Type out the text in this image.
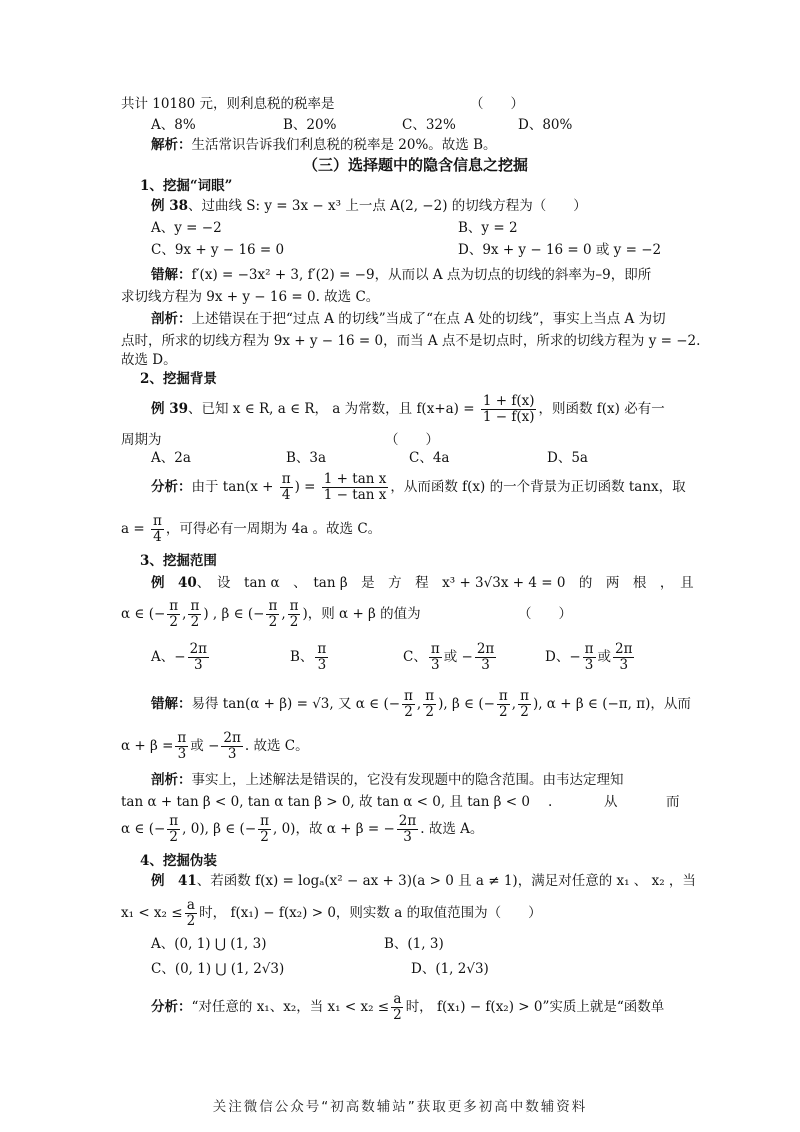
共计 10180 元，则利息税的税率是	（　　）
A、8%	B、20%	C、32%	D、80%
解析：生活常识告诉我们利息税的税率是 20%。故选 B。
（三）选择题中的隐含信息之挖掘
1、挖掘“词眼”
例 38、过曲线 S: y = 3x − x³ 上一点 A(2, −2) 的切线方程为（　　）
A、y = −2	B、y = 2
C、9x + y − 16 = 0	D、9x + y − 16 = 0 或 y = −2
错解：f′(x) = −3x² + 3, f′(2) = −9，从而以 A 点为切点的切线的斜率为–9，即所
求切线方程为 9x + y − 16 = 0. 故选 C。
剖析：上述错误在于把“过点 A 的切线”当成了“在点 A 处的切线”，事实上当点 A 为切
点时，所求的切线方程为 9x + y − 16 = 0，而当 A 点不是切点时，所求的切线方程为 y = −2.
故选 D。
2、挖掘背景
例 39、已知 x ∈ R, a ∈ R， a 为常数，且 $f(x+a) = \frac{1 + f(x)}{1 - f(x)}$ ，则函数 f(x) 必有一
周期为	（　　）
A、2a	B、3a	C、4a	D、5a
分析：由于 $\tan(x + \frac{\pi}{4}$ ) = $\frac{\text{1 + tan x}}{\text{1 − tan x}}$ ，从而函数 f(x) 的一个背景为正切函数 tanx，取
$a = \frac{\pi}{4}$ ，可得必有一周期为 4a 。故选 C。
3、挖掘范围
例　40、　设　tan α　、　tan β　是　方　程　x³ + 3√3x + 4 = 0　的　两　根　，　且
α ∈ (− $\frac{\pi}{2}$ , $\frac{\pi}{2}$ ) , β ∈ (− $\frac{\pi}{2}$ , $\frac{\pi}{2}$ )，则 α + β 的值为	（　　）
A、− $\frac{2\pi}{3}$	B、 $\frac{\pi}{3}$	C、 $\frac{\pi}{3}$ 或 − $\frac{2\pi}{3}$	D、− $\frac{\pi}{3}$ 或 $\frac{2\pi}{3}$
错解：易得 tan(α + β) = √3, 又 α ∈ (− $\frac{\pi}{2}$ , $\frac{\pi}{2}$ ), β ∈ (− $\frac{\pi}{2}$ , $\frac{\pi}{2}$ ), α + β ∈ (−π, π)，从而
$\alpha + \beta = \frac{\pi}{3}$ 或 − $\frac{2\pi}{3}$ . 故选 C。
剖析：事实上，上述解法是错误的，它没有发现题中的隐含范围。由韦达定理知
tan α + tan β < 0, tan α tan β > 0, 故 tan α < 0, 且 tan β < 0 .	从	而
α ∈ (− $\frac{\pi}{2}$ , 0), β ∈ (− $\frac{\pi}{2}$ , 0)，故 α + β = − $\frac{2\pi}{3}$ . 故选 A。
4、挖掘伪装
例　41、若函数 f(x) = logₐ(x² − ax + 3)(a > 0 且 a ≠ 1)，满足对任意的 x₁ 、 x₂ ，当
$x_1 < x_2 \le \frac{a}{2}$ 时， f(x₁) − f(x₂) > 0，则实数 a 的取值范围为（　　）
A、(0, 1) ⋃ (1, 3)	B、(1, 3)
C、(0, 1) ⋃ (1, 2√3)	D、(1, 2√3)
分析：“对任意的 x₁、x₂，当 $x_1 < x_2 \le \frac{a}{2}$ 时， f(x₁) − f(x₂) > 0”实质上就是“函数单
关注微信公众号“初高数辅站”获取更多初高中数辅资料
